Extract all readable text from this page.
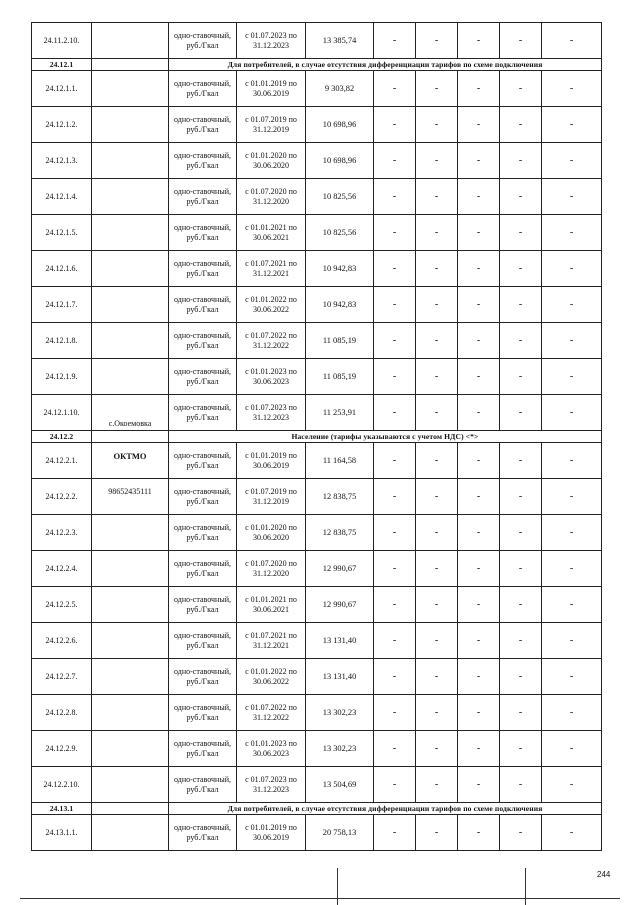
24.11.2.10.		одно-ставочный, руб./Гкал	с 01.07.2023 по
31.12.2023	13 385,74	-	-	-	-	-
24.12.1		Для потребителей, в случае отсутствия дифференциации тарифов по схеме подключения							
24.12.1.1.		одно-ставочный, руб./Гкал	с 01.01.2019 по
30.06.2019	9 303,82	-	-	-	-	-
24.12.1.2.		одно-ставочный, руб./Гкал	с 01.07.2019 по
31.12.2019	10 698,96	-	-	-	-	-
24.12.1.3.		одно-ставочный, руб./Гкал	с 01.01.2020 по
30.06.2020	10 698,96	-	-	-	-	-
24.12.1.4.		одно-ставочный, руб./Гкал	с 01.07.2020 по
31.12.2020	10 825,56	-	-	-	-	-
24.12.1.5.		одно-ставочный, руб./Гкал	с 01.01.2021 по
30.06.2021	10 825,56	-	-	-	-	-
24.12.1.6.		одно-ставочный, руб./Гкал	с 01.07.2021 по
31.12.2021	10 942,83	-	-	-	-	-
24.12.1.7.		одно-ставочный, руб./Гкал	с 01.01.2022 по
30.06.2022	10 942,83	-	-	-	-	-
24.12.1.8.		одно-ставочный, руб./Гкал	с 01.07.2022 по
31.12.2022	11 085,19	-	-	-	-	-
24.12.1.9.		одно-ставочный, руб./Гкал	с 01.01.2023 по
30.06.2023	11 085,19	-	-	-	-	-
24.12.1.10.	с.Окоемовка	одно-ставочный, руб./Гкал	с 01.07.2023 по
31.12.2023	11 253,91	-	-	-	-	-
24.12.2		Население (тарифы указываются с учетом НДС) <*>							
24.12.2.1.	ОКТМО	одно-ставочный, руб./Гкал	с 01.01.2019 по
30.06.2019	11 164,58	-	-	-	-	-
24.12.2.2.	98652435111	одно-ставочный, руб./Гкал	с 01.07.2019 по
31.12.2019	12 838,75	-	-	-	-	-
24.12.2.3.		одно-ставочный, руб./Гкал	с 01.01.2020 по
30.06.2020	12 838,75	-	-	-	-	-
24.12.2.4.		одно-ставочный, руб./Гкал	с 01.07.2020 по
31.12.2020	12 990,67	-	-	-	-	-
24.12.2.5.		одно-ставочный, руб./Гкал	с 01.01.2021 по
30.06.2021	12 990,67	-	-	-	-	-
24.12.2.6.		одно-ставочный, руб./Гкал	с 01.07.2021 по
31.12.2021	13 131,40	-	-	-	-	-
24.12.2.7.		одно-ставочный, руб./Гкал	с 01.01.2022 по
30.06.2022	13 131,40	-	-	-	-	-
24.12.2.8.		одно-ставочный, руб./Гкал	с 01.07.2022 по
31.12.2022	13 302,23	-	-	-	-	-
24.12.2.9.		одно-ставочный, руб./Гкал	с 01.01.2023 по
30.06.2023	13 302,23	-	-	-	-	-
24.12.2.10.		одно-ставочный, руб./Гкал	с 01.07.2023 по
31.12.2023	13 504,69	-	-	-	-	-
24.13.1		Для потребителей, в случае отсутствия дифференциации тарифов по схеме подключения							
24.13.1.1.		одно-ставочный, руб./Гкал	с 01.01.2019 по
30.06.2019	20 758,13	-	-	-	-	-
244
